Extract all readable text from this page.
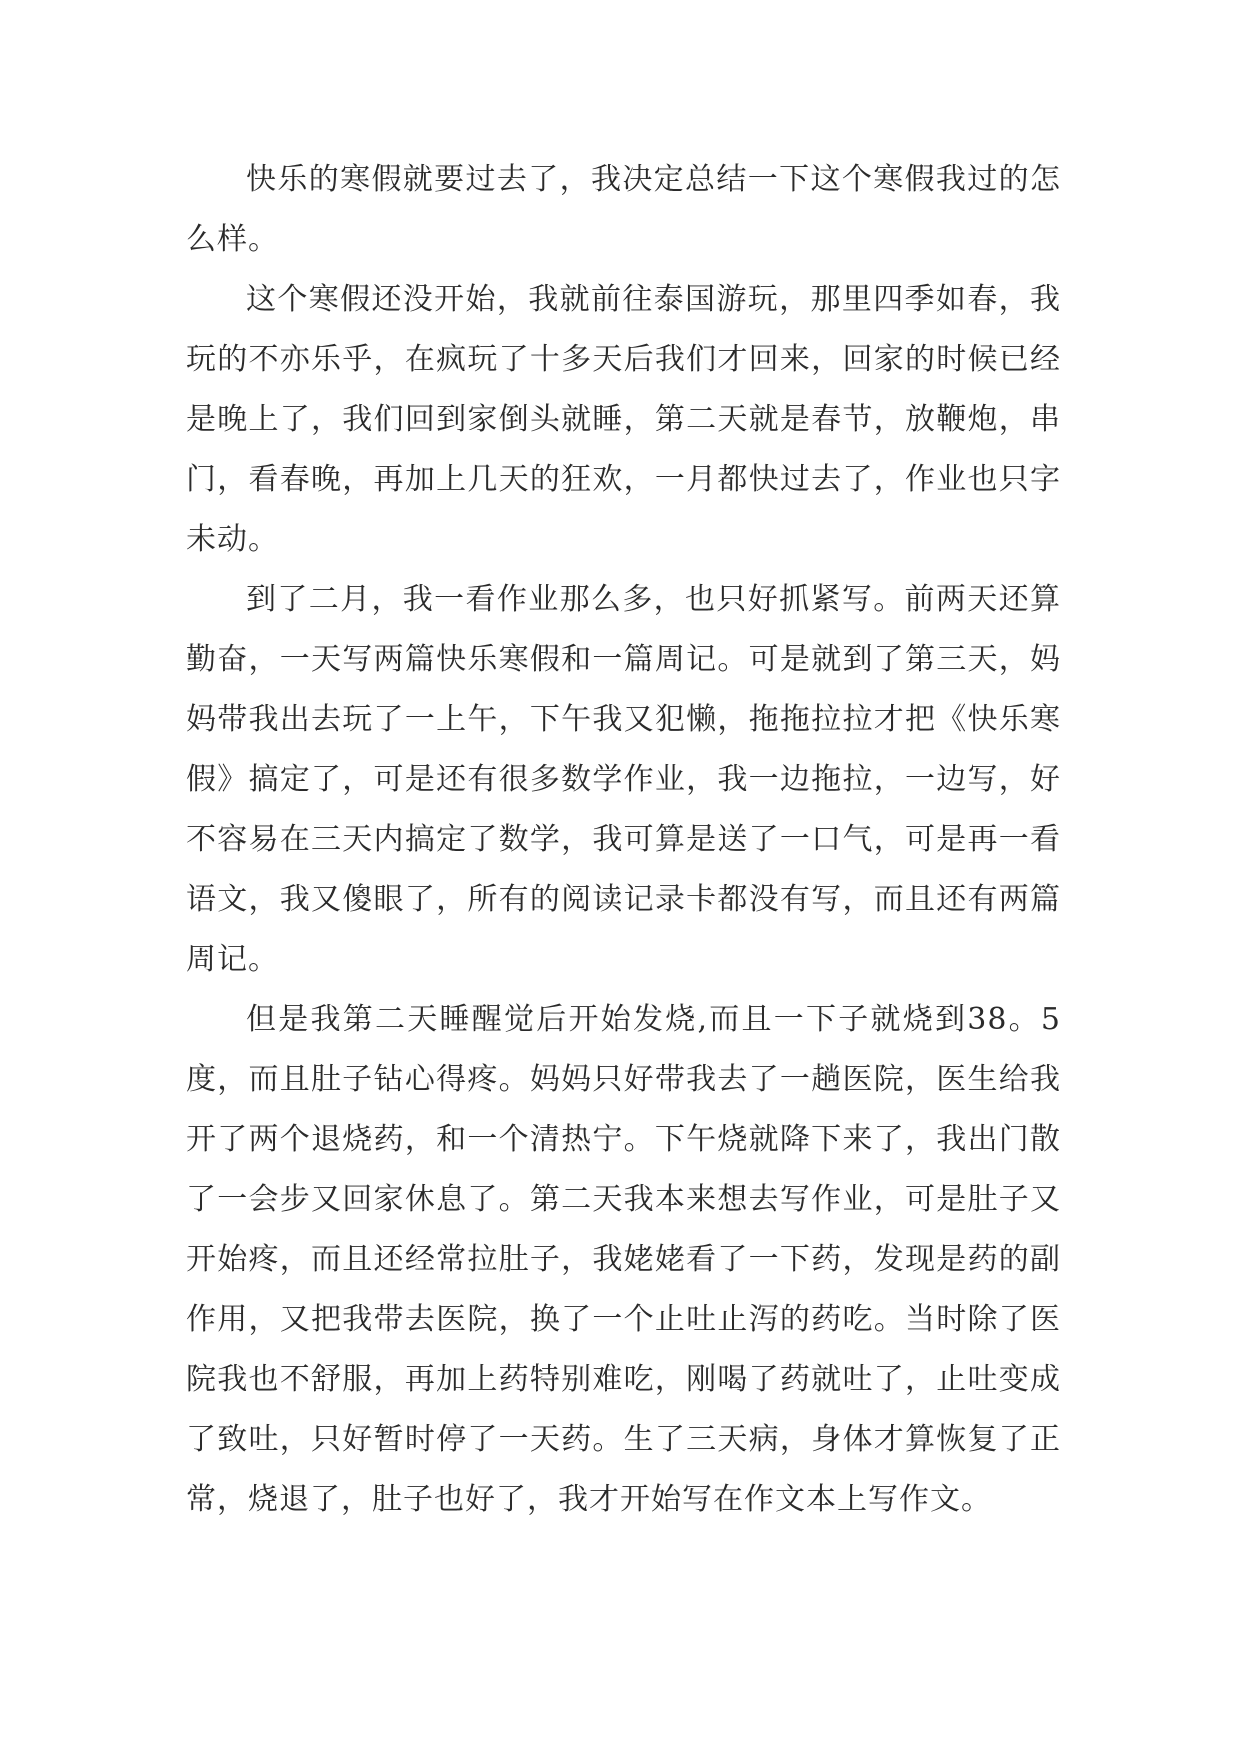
快乐的寒假就要过去了，我决定总结一下这个寒假我过的怎么样。

这个寒假还没开始，我就前往泰国游玩，那里四季如春，我玩的不亦乐乎，在疯玩了十多天后我们才回来，回家的时候已经是晚上了，我们回到家倒头就睡，第二天就是春节，放鞭炮，串门，看春晚，再加上几天的狂欢，一月都快过去了，作业也只字未动。

到了二月，我一看作业那么多，也只好抓紧写。前两天还算勤奋，一天写两篇快乐寒假和一篇周记。可是就到了第三天，妈妈带我出去玩了一上午，下午我又犯懒，拖拖拉拉才把《快乐寒假》搞定了，可是还有很多数学作业，我一边拖拉，一边写，好不容易在三天内搞定了数学，我可算是送了一口气，可是再一看语文，我又傻眼了，所有的阅读记录卡都没有写，而且还有两篇周记。

但是我第二天睡醒觉后开始发烧,而且一下子就烧到38。5度，而且肚子钻心得疼。妈妈只好带我去了一趟医院，医生给我开了两个退烧药，和一个清热宁。下午烧就降下来了，我出门散了一会步又回家休息了。第二天我本来想去写作业，可是肚子又开始疼，而且还经常拉肚子，我姥姥看了一下药，发现是药的副作用，又把我带去医院，换了一个止吐止泻的药吃。当时除了医院我也不舒服，再加上药特别难吃，刚喝了药就吐了，止吐变成了致吐，只好暂时停了一天药。生了三天病，身体才算恢复了正常，烧退了，肚子也好了，我才开始写在作文本上写作文。
